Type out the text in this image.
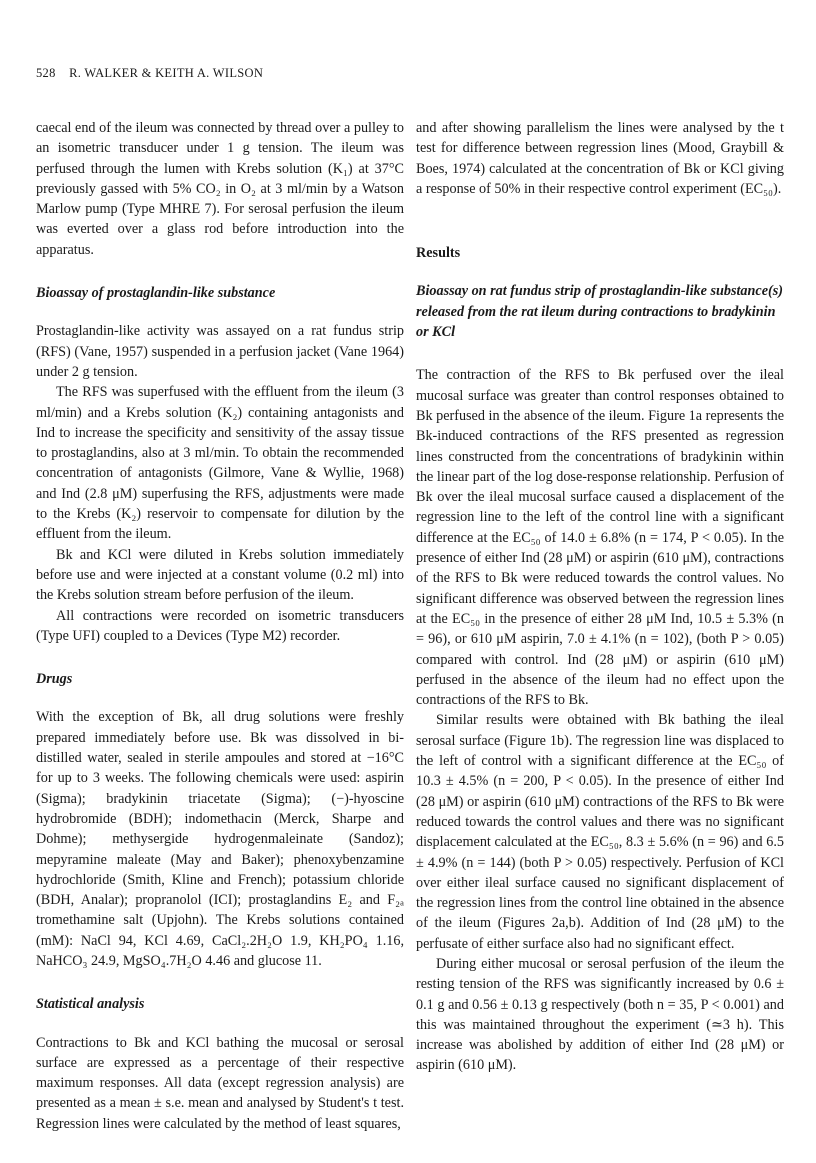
528 R. WALKER & KEITH A. WILSON

caecal end of the ileum was connected by thread over a pulley to an isometric transducer under 1 g tension. The ileum was perfused through the lumen with Krebs solution (K₁) at 37°C previously gassed with 5% CO₂ in O₂ at 3 ml/min by a Watson Marlow pump (Type MHRE 7). For serosal perfusion the ileum was everted over a glass rod before introduction into the apparatus.

Bioassay of prostaglandin-like substance

Prostaglandin-like activity was assayed on a rat fundus strip (RFS) (Vane, 1957) suspended in a perfusion jacket (Vane 1964) under 2 g tension.

The RFS was superfused with the effluent from the ileum (3 ml/min) and a Krebs solution (K₂) containing antagonists and Ind to increase the specificity and sensitivity of the assay tissue to prostaglandins, also at 3 ml/min. To obtain the recommended concentration of antagonists (Gilmore, Vane & Wyllie, 1968) and Ind (2.8 μM) superfusing the RFS, adjustments were made to the Krebs (K₂) reservoir to compensate for dilution by the effluent from the ileum.

Bk and KCl were diluted in Krebs solution immediately before use and were injected at a constant volume (0.2 ml) into the Krebs solution stream before perfusion of the ileum.

All contractions were recorded on isometric transducers (Type UFI) coupled to a Devices (Type M2) recorder.

Drugs

With the exception of Bk, all drug solutions were freshly prepared immediately before use. Bk was dissolved in bi-distilled water, sealed in sterile ampoules and stored at −16°C for up to 3 weeks. The following chemicals were used: aspirin (Sigma); bradykinin triacetate (Sigma); (−)-hyoscine hydrobromide (BDH); indomethacin (Merck, Sharpe and Dohme); methysergide hydrogenmaleinate (Sandoz); mepyramine maleate (May and Baker); phenoxybenzamine hydrochloride (Smith, Kline and French); potassium chloride (BDH, Analar); propranolol (ICI); prostaglandins E₂ and F₂ₐ tromethamine salt (Upjohn). The Krebs solutions contained (mM): NaCl 94, KCl 4.69, CaCl₂.2H₂O 1.9, KH₂PO₄ 1.16, NaHCO₃ 24.9, MgSO₄.7H₂O 4.46 and glucose 11.

Statistical analysis

Contractions to Bk and KCl bathing the mucosal or serosal surface are expressed as a percentage of their respective maximum responses. All data (except regression analysis) are presented as a mean ± s.e. mean and analysed by Student's t test. Regression lines were calculated by the method of least squares,

and after showing parallelism the lines were analysed by the t test for difference between regression lines (Mood, Graybill & Boes, 1974) calculated at the concentration of Bk or KCl giving a response of 50% in their respective control experiment (EC₅₀).

Results
Bioassay on rat fundus strip of prostaglandin-like substance(s) released from the rat ileum during contractions to bradykinin or KCl

The contraction of the RFS to Bk perfused over the ileal mucosal surface was greater than control responses obtained to Bk perfused in the absence of the ileum. Figure 1a represents the Bk-induced contractions of the RFS presented as regression lines constructed from the concentrations of bradykinin within the linear part of the log dose-response relationship. Perfusion of Bk over the ileal mucosal surface caused a displacement of the regression line to the left of the control line with a significant difference at the EC₅₀ of 14.0 ± 6.8% (n = 174, P < 0.05). In the presence of either Ind (28 μM) or aspirin (610 μM), contractions of the RFS to Bk were reduced towards the control values. No significant difference was observed between the regression lines at the EC₅₀ in the presence of either 28 μM Ind, 10.5 ± 5.3% (n = 96), or 610 μM aspirin, 7.0 ± 4.1% (n = 102), (both P > 0.05) compared with control. Ind (28 μM) or aspirin (610 μM) perfused in the absence of the ileum had no effect upon the contractions of the RFS to Bk.

Similar results were obtained with Bk bathing the ileal serosal surface (Figure 1b). The regression line was displaced to the left of control with a significant difference at the EC₅₀ of 10.3 ± 4.5% (n = 200, P < 0.05). In the presence of either Ind (28 μM) or aspirin (610 μM) contractions of the RFS to Bk were reduced towards the control values and there was no significant displacement calculated at the EC₅₀, 8.3 ± 5.6% (n = 96) and 6.5 ± 4.9% (n = 144) (both P > 0.05) respectively. Perfusion of KCl over either ileal surface caused no significant displacement of the regression lines from the control line obtained in the absence of the ileum (Figures 2a,b). Addition of Ind (28 μM) to the perfusate of either surface also had no significant effect.

During either mucosal or serosal perfusion of the ileum the resting tension of the RFS was significantly increased by 0.6 ± 0.1 g and 0.56 ± 0.13 g respectively (both n = 35, P < 0.001) and this was maintained throughout the experiment (≃3 h). This increase was abolished by addition of either Ind (28 μM) or aspirin (610 μM).
